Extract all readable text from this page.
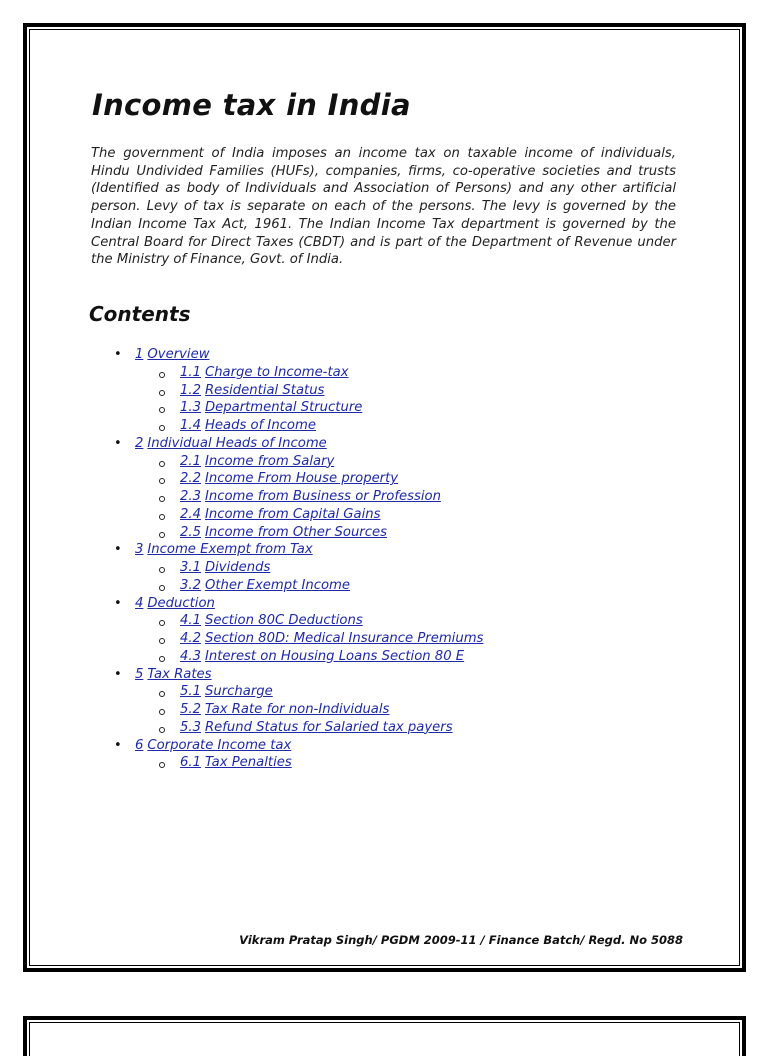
Income tax in India

The government of India imposes an income tax on taxable income of individuals, Hindu Undivided Families (HUFs), companies, firms, co-operative societies and trusts (Identified as body of Individuals and Association of Persons) and any other artificial person. Levy of tax is separate on each of the persons. The levy is governed by the Indian Income Tax Act, 1961. The Indian Income Tax department is governed by the Central Board for Direct Taxes (CBDT) and is part of the Department of Revenue under the Ministry of Finance, Govt. of India.

Contents
• 1 Overview
1.1 Charge to Income-tax
1.2 Residential Status
1.3 Departmental Structure
1.4 Heads of Income
• 2 Individual Heads of Income
2.1 Income from Salary
2.2 Income From House property
2.3 Income from Business or Profession
2.4 Income from Capital Gains
2.5 Income from Other Sources
• 3 Income Exempt from Tax
3.1 Dividends
3.2 Other Exempt Income
• 4 Deduction
4.1 Section 80C Deductions
4.2 Section 80D: Medical Insurance Premiums
4.3 Interest on Housing Loans Section 80 E
• 5 Tax Rates
5.1 Surcharge
5.2 Tax Rate for non-Individuals
5.3 Refund Status for Salaried tax payers
• 6 Corporate Income tax
6.1 Tax Penalties

Vikram Pratap Singh/ PGDM 2009-11 / Finance Batch/ Regd. No 5088
